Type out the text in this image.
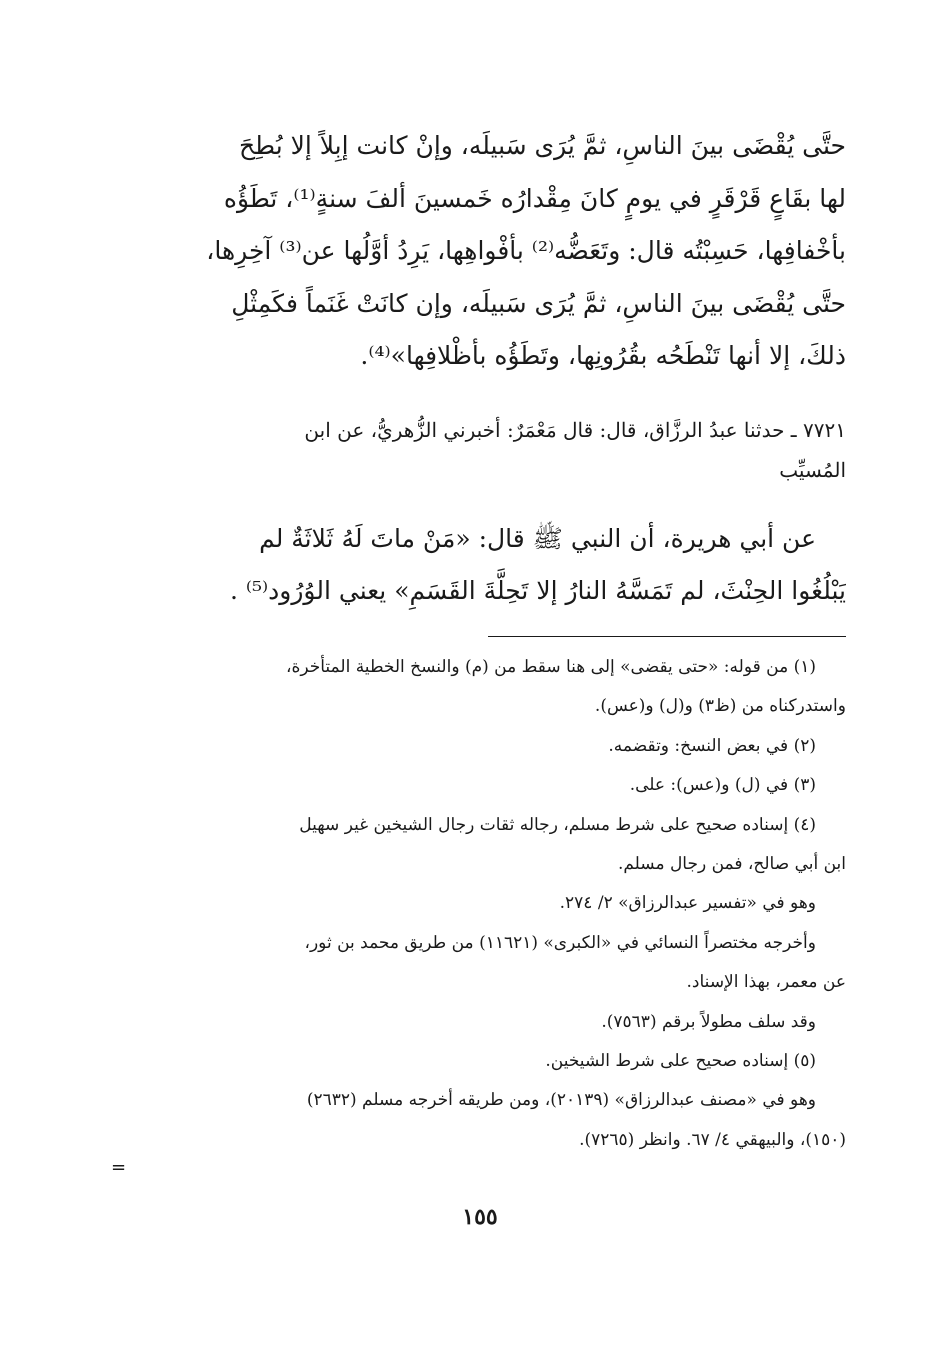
حتَّى يُقْضَى بينَ الناسِ، ثمَّ يُرَى سَبيلَه، وإنْ كانت إبِلاً إلا بُطِحَ
لها بقَاعٍ قَرْقَرٍ في يومٍ كانَ مِقْدارُه خَمسينَ ألفَ سنةٍ⁽¹⁾، تَطَؤُه
بأخْفافِها، حَسِبْتُه قال: وتَعَضُّه⁽²⁾ بأفْواهِها، يَرِدُ أوَّلُها عن⁽³⁾ آخِرِها،
حتَّى يُقْضَى بينَ الناسِ، ثمَّ يُرَى سَبيلَه، وإن كانَتْ غَنَماً فكَمِثْلِ
ذلكَ، إلا أنها تَنْطَحُه بقُرُونِها، وتَطَؤُه بأظْلافِها»⁽⁴⁾.
٧٧٢١ ـ حدثنا عبدُ الرزَّاق، قال: قال مَعْمَرٌ: أخبرني الزُّهريُّ، عن ابن
المُسيِّب
عن أبي هريرة، أن النبي ﷺ قال: «مَنْ ماتَ لَهُ ثَلاثَةٌ لم
يَبْلُغُوا الحِنْثَ، لم تَمَسَّهُ النارُ إلا تَحِلَّةَ القَسَمِ» يعني الوُرُود⁽⁵⁾ .
(١) من قوله: «حتى يقضى» إلى هنا سقط من (م) والنسخ الخطية المتأخرة،
واستدركناه من (ظ٣) و(ل) و(عس).
(٢) في بعض النسخ: وتقضمه.
(٣) في (ل) و(عس): على.
(٤) إسناده صحيح على شرط مسلم، رجاله ثقات رجال الشيخين غير سهيل
ابن أبي صالح، فمن رجال مسلم.
وهو في «تفسير عبدالرزاق» ٢/ ٢٧٤.
وأخرجه مختصراً النسائي في «الكبرى» (١١٦٢١) من طريق محمد بن ثور،
عن معمر، بهذا الإسناد.
وقد سلف مطولاً برقم (٧٥٦٣).
(٥) إسناده صحيح على شرط الشيخين.
وهو في «مصنف عبدالرزاق» (٢٠١٣٩)، ومن طريقه أخرجه مسلم (٢٦٣٢)
(١٥٠)، والبيهقي ٤/ ٦٧. وانظر (٧٢٦٥).
=
١٥٥
